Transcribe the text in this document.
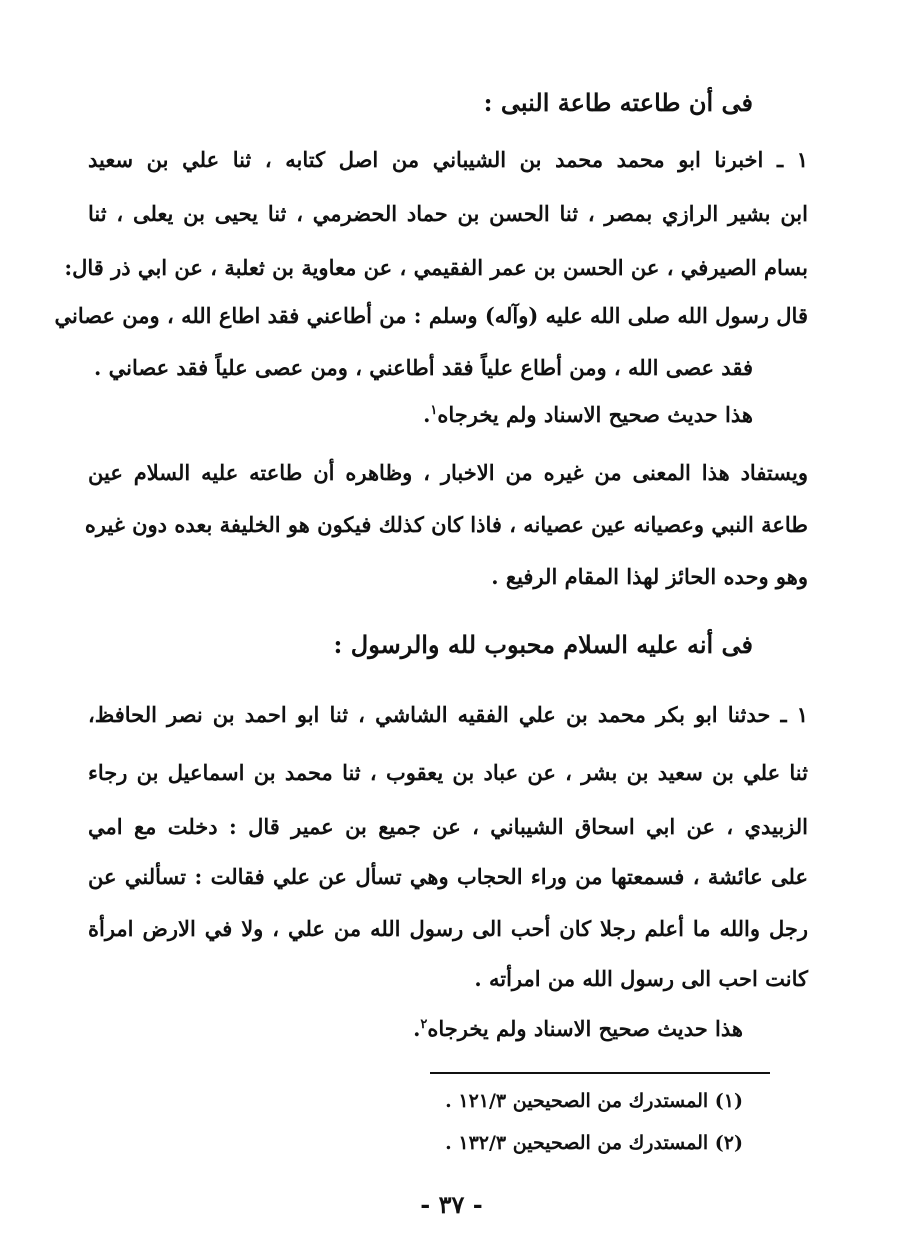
فى أن طاعته طاعة النبى :
١ ـ اخبرنا ابو محمد محمد بن الشيباني من اصل كتابه ، ثنا علي بن سعيد
ابن بشير الرازي بمصر ، ثنا الحسن بن حماد الحضرمي ، ثنا يحيى بن يعلى ، ثنا
بسام الصيرفي ، عن الحسن بن عمر الفقيمي ، عن معاوية بن ثعلبة ، عن ابي ذر قال:
قال رسول الله صلى الله عليه (وآله) وسلم : من أطاعني فقد اطاع الله ، ومن عصاني
فقد عصى الله ، ومن أطاع علياً فقد أطاعني ، ومن عصى علياً فقد عصاني .
هذا حديث صحيح الاسناد ولم يخرجاه$^١$.
ويستفاد هذا المعنى من غيره من الاخبار ، وظاهره أن طاعته عليه السلام عين
طاعة النبي وعصيانه عين عصيانه ، فاذا كان كذلك فيكون هو الخليفة بعده دون غيره
وهو وحده الحائز لهذا المقام الرفيع .
فى أنه عليه السلام محبوب لله والرسول :
١ ـ حدثنا ابو بكر محمد بن علي الفقيه الشاشي ، ثنا ابو احمد بن نصر الحافظ،
ثنا علي بن سعيد بن بشر ، عن عباد بن يعقوب ، ثنا محمد بن اسماعيل بن رجاء
الزبيدي ، عن ابي اسحاق الشيباني ، عن جميع بن عمير قال : دخلت مع امي
على عائشة ، فسمعتها من وراء الحجاب وهي تسأل عن علي فقالت : تسألني عن
رجل والله ما أعلم رجلا كان أحب الى رسول الله من علي ، ولا في الارض امرأة
كانت احب الى رسول الله من امرأته .
هذا حديث صحيح الاسناد ولم يخرجاه$^٢$.
(١) المستدرك من الصحيحين ١٢١/٣ .
(٢) المستدرك من الصحيحين ١٣٢/٣ .
- ٣٧ -
